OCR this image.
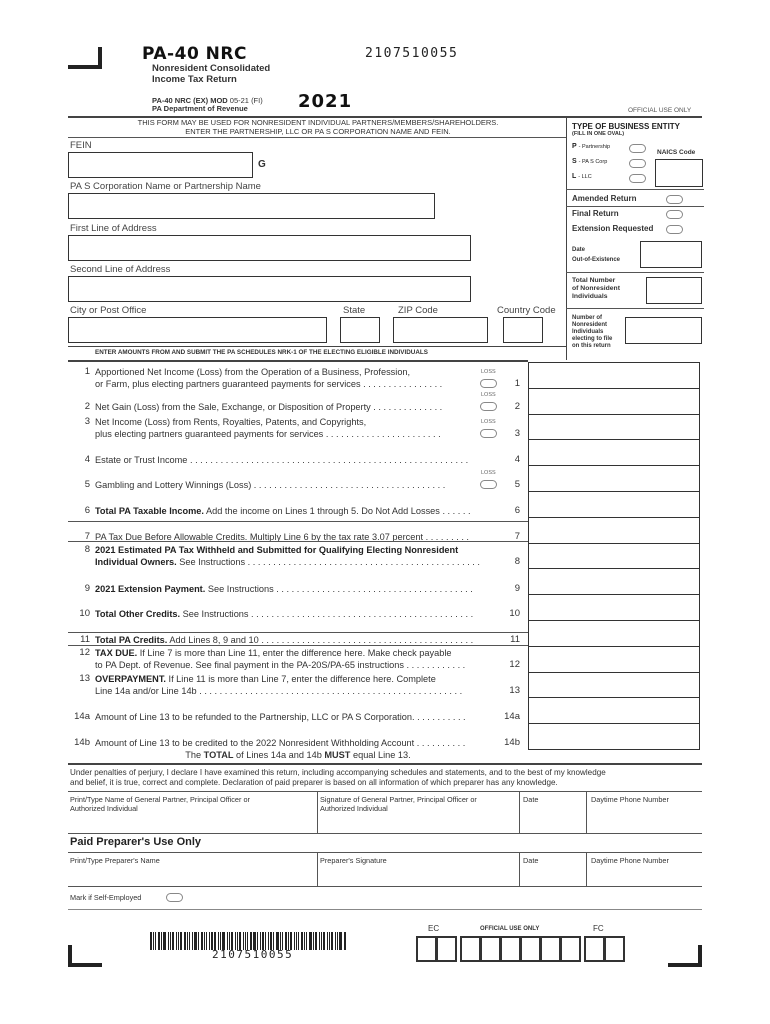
PA-40 NRC
Nonresident Consolidated
Income Tax Return
2107510055
PA-40 NRC (EX) MOD 05-21 (FI)
PA Department of Revenue	2021	OFFICIAL USE ONLY
THIS FORM MAY BE USED FOR NONRESIDENT INDIVIDUAL PARTNERS/MEMBERS/SHAREHOLDERS.
ENTER THE PARTNERSHIP, LLC OR PA S CORPORATION NAME AND FEIN.
FEIN
G
PA S Corporation Name or Partnership Name
First Line of Address
Second Line of Address
City or Post Office	State	ZIP Code	Country Code
ENTER AMOUNTS FROM AND SUBMIT THE PA SCHEDULES NRK-1 OF THE ELECTING ELIGIBLE INDIVIDUALS
TYPE OF BUSINESS ENTITY
(FILL IN ONE OVAL)
P - Partnership
S - PA S Corp
L - LLC
NAICS Code
Amended Return
Final Return
Extension Requested
Date
Out-of-Existence
Total Number
of Nonresident
Individuals
Number of
Nonresident
Individuals
electing to file
on this return
1 Apportioned Net Income (Loss) from the Operation of a Business, Profession,
or Farm, plus electing partners guaranteed payments for services . . . . . . . . . . . . . . . .	1
LOSS
2 Net Gain (Loss) from the Sale, Exchange, or Disposition of Property . . . . . . . . . . . . . .	2
LOSS
3 Net Income (Loss) from Rents, Royalties, Patents, and Copyrights,
plus electing partners guaranteed payments for services . . . . . . . . . . . . . . . . . . . . . . .	3
LOSS
4 Estate or Trust Income . . . . . . . . . . . . . . . . . . . . . . . . . . . . . . . . . . . . . . . . . . . . . . . . . . . . . . .	4
5 Gambling and Lottery Winnings (Loss) . . . . . . . . . . . . . . . . . . . . . . . . . . . . . . . . . . . . . .	5
LOSS
6 Total PA Taxable Income. Add the income on Lines 1 through 5. Do Not Add Losses . . . . . .	6
7 PA Tax Due Before Allowable Credits. Multiply Line 6 by the tax rate 3.07 percent . . . . . . . . .	7
8 2021 Estimated PA Tax Withheld and Submitted for Qualifying Electing Nonresident
Individual Owners. See Instructions . . . . . . . . . . . . . . . . . . . . . . . . . . . . . . . . . . . . . . . . . . . . . .	8
9 2021 Extension Payment. See Instructions . . . . . . . . . . . . . . . . . . . . . . . . . . . . . . . . . . . . . . .	9
10 Total Other Credits. See Instructions . . . . . . . . . . . . . . . . . . . . . . . . . . . . . . . . . . . . . . . . . . . .	10
11 Total PA Credits. Add Lines 8, 9 and 10 . . . . . . . . . . . . . . . . . . . . . . . . . . . . . . . . . . . . . . . . . .	11
12 TAX DUE. If Line 7 is more than Line 11, enter the difference here. Make check payable
to PA Dept. of Revenue. See final payment in the PA-20S/PA-65 instructions . . . . . . . . . . . .	12
13 OVERPAYMENT. If Line 11 is more than Line 7, enter the difference here. Complete
Line 14a and/or Line 14b . . . . . . . . . . . . . . . . . . . . . . . . . . . . . . . . . . . . . . . . . . . . . . . . . . . .	13
14a Amount of Line 13 to be refunded to the Partnership, LLC or PA S Corporation. . . . . . . . . . .	14a
14b Amount of Line 13 to be credited to the 2022 Nonresident Withholding Account . . . . . . . . . .	14b
The TOTAL of Lines 14a and 14b MUST equal Line 13.
Under penalties of perjury, I declare I have examined this return, including accompanying schedules and statements, and to the best of my knowledge
and belief, it is true, correct and complete. Declaration of paid preparer is based on all information of which preparer has any knowledge.
Print/Type Name of General Partner, Principal Officer or
Authorized Individual
Signature of General Partner, Principal Officer or
Authorized Individual
Date	Daytime Phone Number
Paid Preparer's Use Only
Print/Type Preparer's Name	Preparer's Signature	Date	Daytime Phone Number
Mark if Self-Employed
2107510055
EC	OFFICIAL USE ONLY	FC
